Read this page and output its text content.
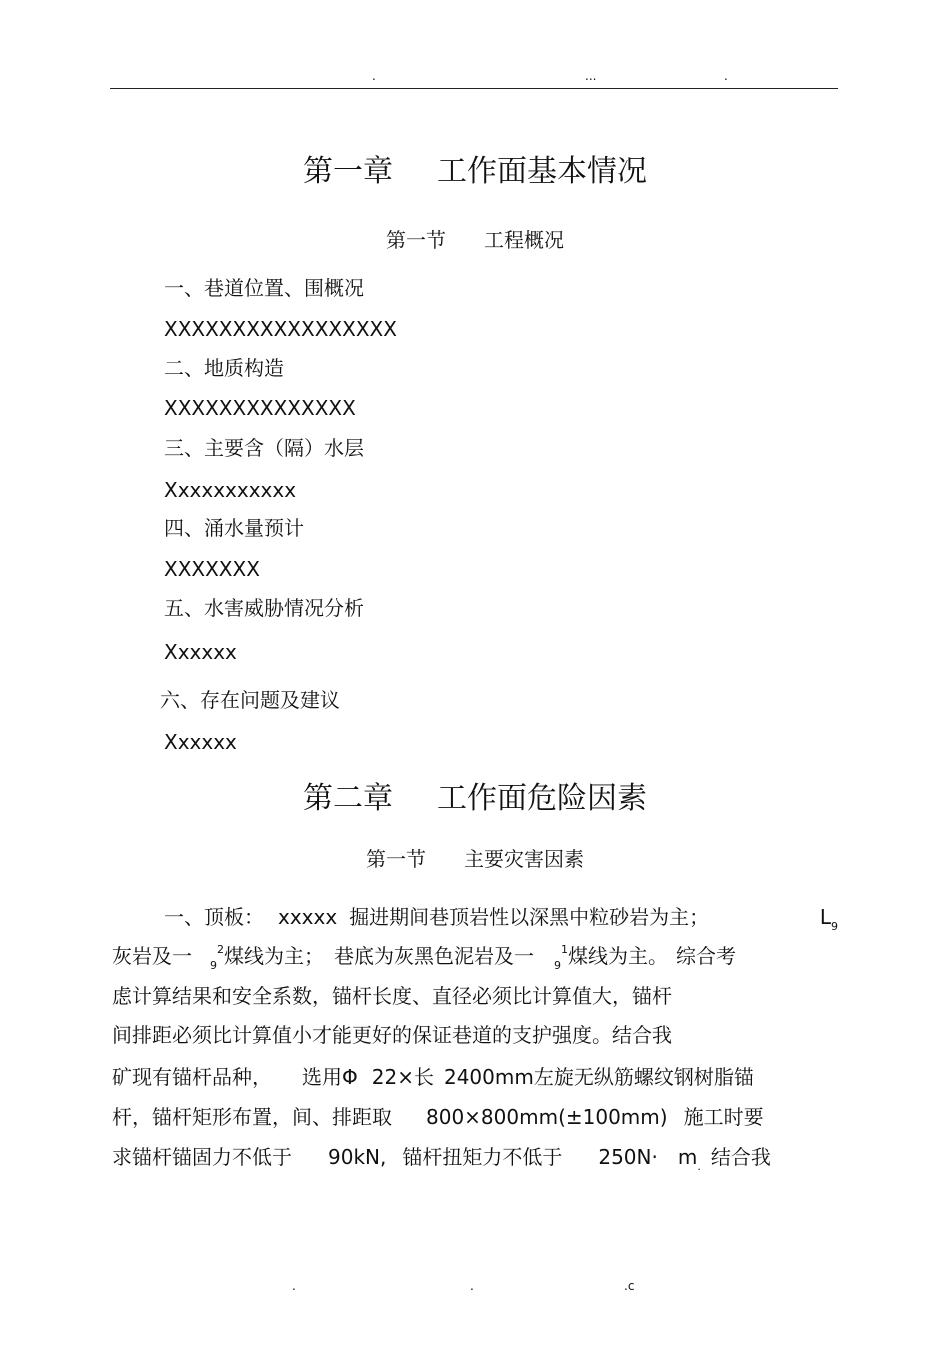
.	...	.
第一章 工作面基本情况
第一节 工程概况
一、巷道位置、围概况
XXXXXXXXXXXXXXXXX
二、地质构造
XXXXXXXXXXXXXX
三、主要含（隔）水层
Xxxxxxxxxxx
四、涌水量预计
XXXXXXX
五、水害威胁情况分析
Xxxxxx
六、存在问题及建议
Xxxxxx
第二章 工作面危险因素
第一节 主要灾害因素
一、顶板： xxxxx 掘进期间巷顶岩性以深黑中粒砂岩为主；	$L_9$
灰岩及一 $_9^2$煤线为主； 巷底为灰黑色泥岩及一 $_9^1$煤线为主。 综合考
虑计算结果和安全系数，锚杆长度、直径必须比计算值大，锚杆
间排距必须比计算值小才能更好的保证巷道的支护强度。结合我
矿现有锚杆品种， 选用Φ 22×长 2400mm左旋无纵筋螺纹钢树脂锚
杆，锚杆矩形布置，间、排距取 800×800mm(±100mm) 施工时要
求锚杆锚固力不低于 90kN, 锚杆扭矩力不低于 $250N\cdot m_.$ 结合我
.	.	.c
